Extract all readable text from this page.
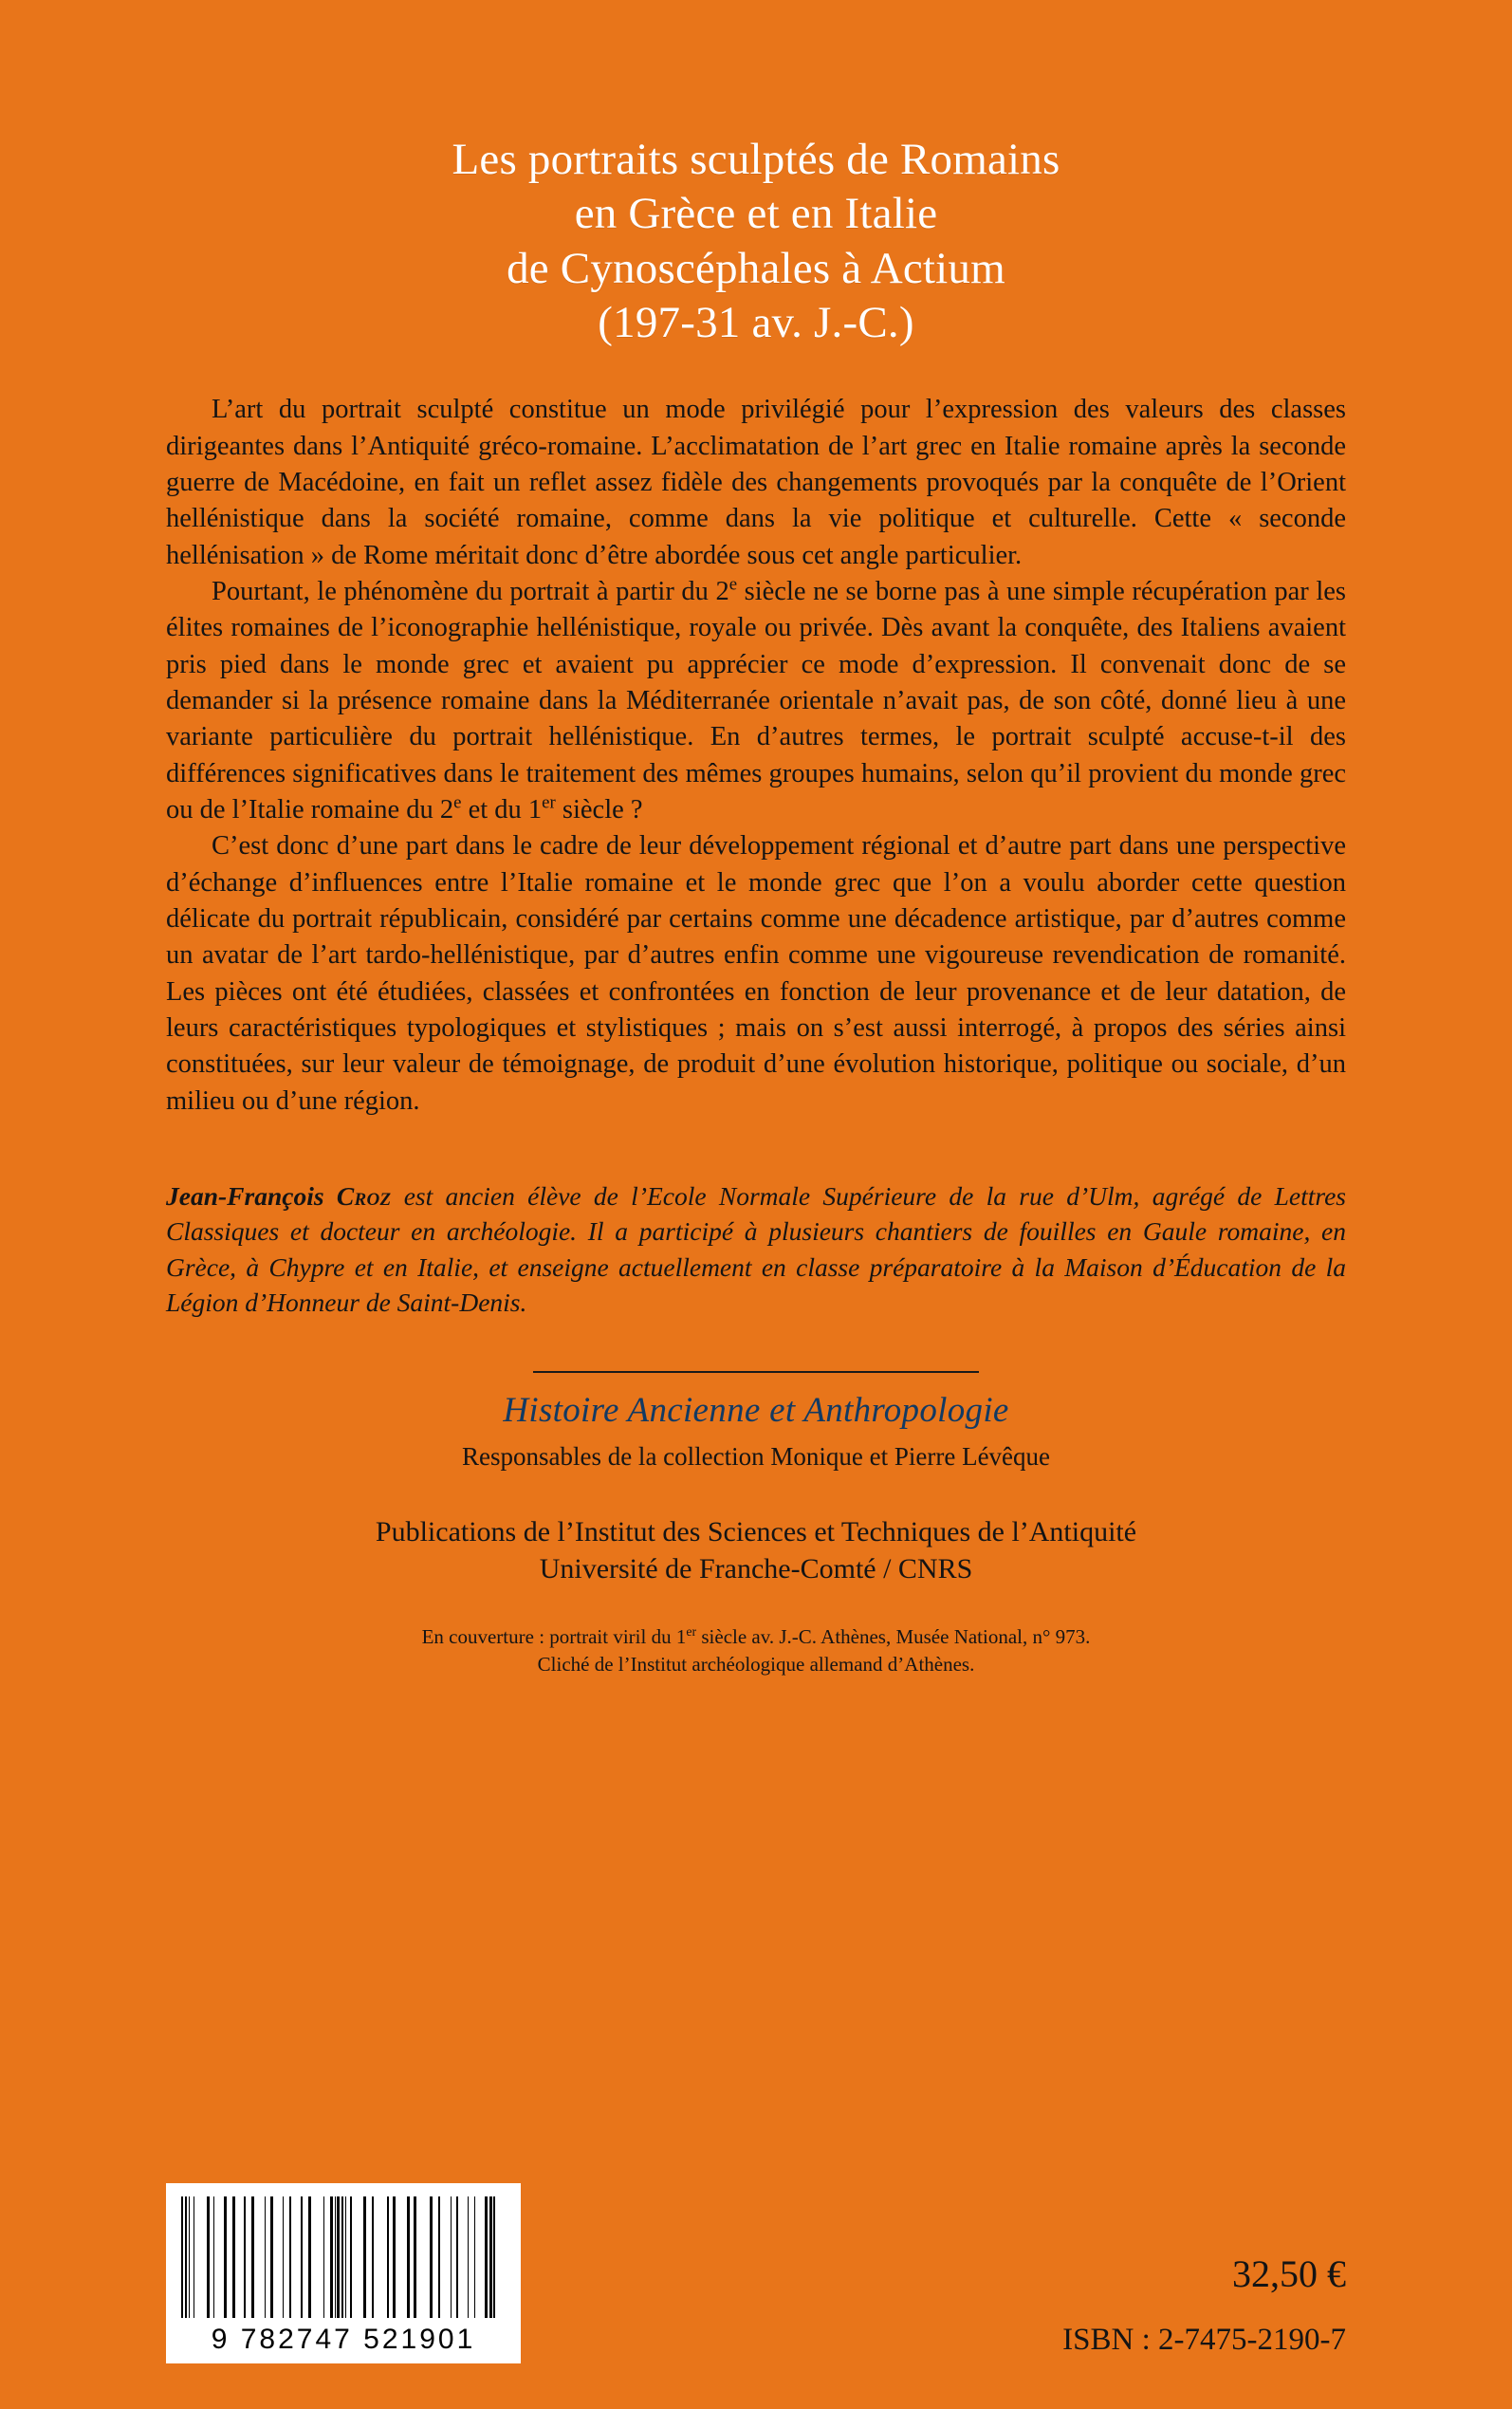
Les portraits sculptés de Romains
en Grèce et en Italie
de Cynoscéphales à Actium
(197-31 av. J.-C.)

L’art du portrait sculpté constitue un mode privilégié pour l’expression des valeurs des classes dirigeantes dans l’Antiquité gréco-romaine. L’acclimatation de l’art grec en Italie romaine après la seconde guerre de Macédoine, en fait un reflet assez fidèle des changements provoqués par la conquête de l’Orient hellénistique dans la société romaine, comme dans la vie politique et culturelle. Cette « seconde hellénisation » de Rome méritait donc d’être abordée sous cet angle particulier.

Pourtant, le phénomène du portrait à partir du 2e siècle ne se borne pas à une simple récupération par les élites romaines de l’iconographie hellénistique, royale ou privée. Dès avant la conquête, des Italiens avaient pris pied dans le monde grec et avaient pu apprécier ce mode d’expression. Il convenait donc de se demander si la présence romaine dans la Méditerranée orientale n’avait pas, de son côté, donné lieu à une variante particulière du portrait hellénistique. En d’autres termes, le portrait sculpté accuse-t-il des différences significatives dans le traitement des mêmes groupes humains, selon qu’il provient du monde grec ou de l’Italie romaine du 2e et du 1er siècle ?

C’est donc d’une part dans le cadre de leur développement régional et d’autre part dans une perspective d’échange d’influences entre l’Italie romaine et le monde grec que l’on a voulu aborder cette question délicate du portrait républicain, considéré par certains comme une décadence artistique, par d’autres comme un avatar de l’art tardo-hellénistique, par d’autres enfin comme une vigoureuse revendication de romanité. Les pièces ont été étudiées, classées et confrontées en fonction de leur provenance et de leur datation, de leurs caractéristiques typologiques et stylistiques ; mais on s’est aussi interrogé, à propos des séries ainsi constituées, sur leur valeur de témoignage, de produit d’une évolution historique, politique ou sociale, d’un milieu ou d’une région.

Jean-François Croz est ancien élève de l’Ecole Normale Supérieure de la rue d’Ulm, agrégé de Lettres Classiques et docteur en archéologie. Il a participé à plusieurs chantiers de fouilles en Gaule romaine, en Grèce, à Chypre et en Italie, et enseigne actuellement en classe préparatoire à la Maison d’Éducation de la Légion d’Honneur de Saint-Denis.
Histoire Ancienne et Anthropologie
Responsables de la collection Monique et Pierre Lévêque
Publications de l’Institut des Sciences et Techniques de l’Antiquité
Université de Franche-Comté / CNRS
En couverture : portrait viril du 1er siècle av. J.-C. Athènes, Musée National, n° 973.
Cliché de l’Institut archéologique allemand d’Athènes.
9 782747 521901
32,50 €
ISBN : 2-7475-2190-7
